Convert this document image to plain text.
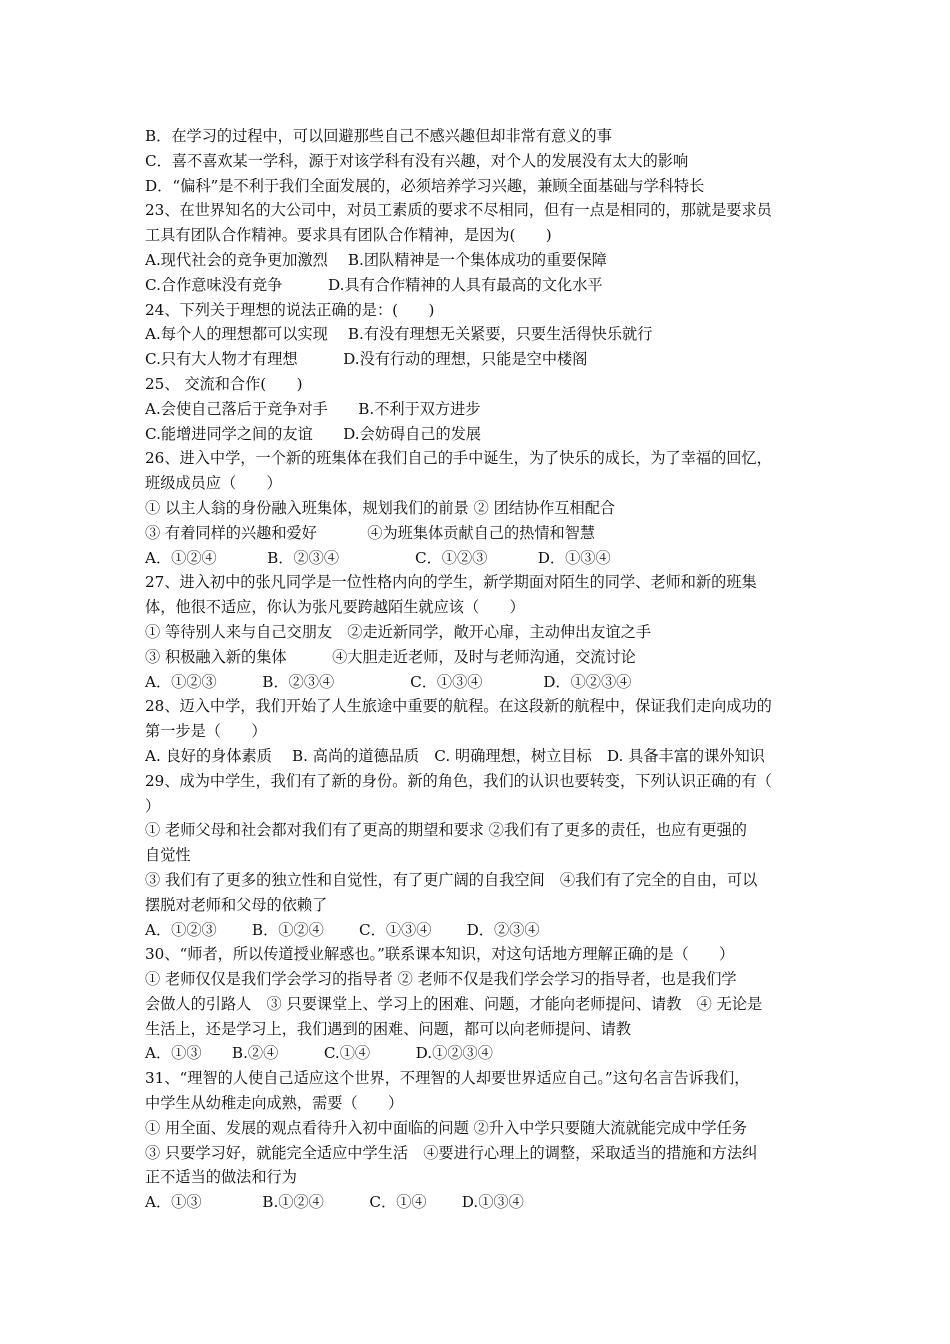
B．在学习的过程中，可以回避那些自己不感兴趣但却非常有意义的事
C．喜不喜欢某一学科，源于对该学科有没有兴趣，对个人的发展没有太大的影响
D．“偏科”是不利于我们全面发展的，必须培养学习兴趣，兼顾全面基础与学科特长
23、在世界知名的大公司中，对员工素质的要求不尽相同，但有一点是相同的，那就是要求员
工具有团队合作精神。要求具有团队合作精神，是因为(　　)
A.现代社会的竞争更加激烈　 B.团队精神是一个集体成功的重要保障
C.合作意味没有竞争　　　D.具有合作精神的人具有最高的文化水平
24、下列关于理想的说法正确的是：(　　)
A.每个人的理想都可以实现　 B.有没有理想无关紧要，只要生活得快乐就行
C.只有大人物才有理想　　　D.没有行动的理想，只能是空中楼阁
25、 交流和合作(　　)
A.会使自己落后于竞争对手　　B.不利于双方进步
C.能增进同学之间的友谊　　D.会妨碍自己的发展
26、进入中学，一个新的班集体在我们自己的手中诞生，为了快乐的成长，为了幸福的回忆，
班级成员应（　　）
① 以主人翁的身份融入班集体，规划我们的前景 ② 团结协作互相配合
③ 有着同样的兴趣和爱好　　　 ④为班集体贡献自己的热情和智慧
A．①②④　　　 B．②③④　　　　　C．①②③　　　 D．①③④
27、进入初中的张凡同学是一位性格内向的学生，新学期面对陌生的同学、老师和新的班集
体，他很不适应，你认为张凡要跨越陌生就应该（　　）
① 等待别人来与自己交朋友　②走近新同学，敞开心扉，主动伸出友谊之手
③ 积极融入新的集体　　　④大胆走近老师，及时与老师沟通，交流讨论
A．①②③　　　B．②③④　　　　　C．①③④　　　　D．①②③④
28、迈入中学，我们开始了人生旅途中重要的航程。在这段新的航程中，保证我们走向成功的
第一步是（　　）
A. 良好的身体素质　 B. 高尚的道德品质　C. 明确理想，树立目标　D. 具备丰富的课外知识
29、成为中学生，我们有了新的身份。新的角色，我们的认识也要转变，下列认识正确的有（
）
① 老师父母和社会都对我们有了更高的期望和要求 ②我们有了更多的责任，也应有更强的
自觉性
③ 我们有了更多的独立性和自觉性，有了更广阔的自我空间　④我们有了完全的自由，可以
摆脱对老师和父母的依赖了
A．①②③　　 B．①②④　　 C．①③④　　 D．②③④
30、“师者，所以传道授业解惑也。”联系课本知识，对这句话地方理解正确的是（　　）
① 老师仅仅是我们学会学习的指导者 ② 老师不仅是我们学会学习的指导者，也是我们学
会做人的引路人　③ 只要课堂上、学习上的困难、问题，才能向老师提问、请教　④ 无论是
生活上，还是学习上，我们遇到的困难、问题，都可以向老师提问、请教
A．①③　　B.②④　　　C.①④　　　D.①②③④
31、“理智的人使自己适应这个世界，不理智的人却要世界适应自己。”这句名言告诉我们，
中学生从幼稚走向成熟，需要（　　）
① 用全面、发展的观点看待升入初中面临的问题 ②升入中学只要随大流就能完成中学任务
③ 只要学习好，就能完全适应中学生活　④要进行心理上的调整，采取适当的措施和方法纠
正不适当的做法和行为
A．①③　　　　B.①②④　　　C．①④　　 D.①③④
